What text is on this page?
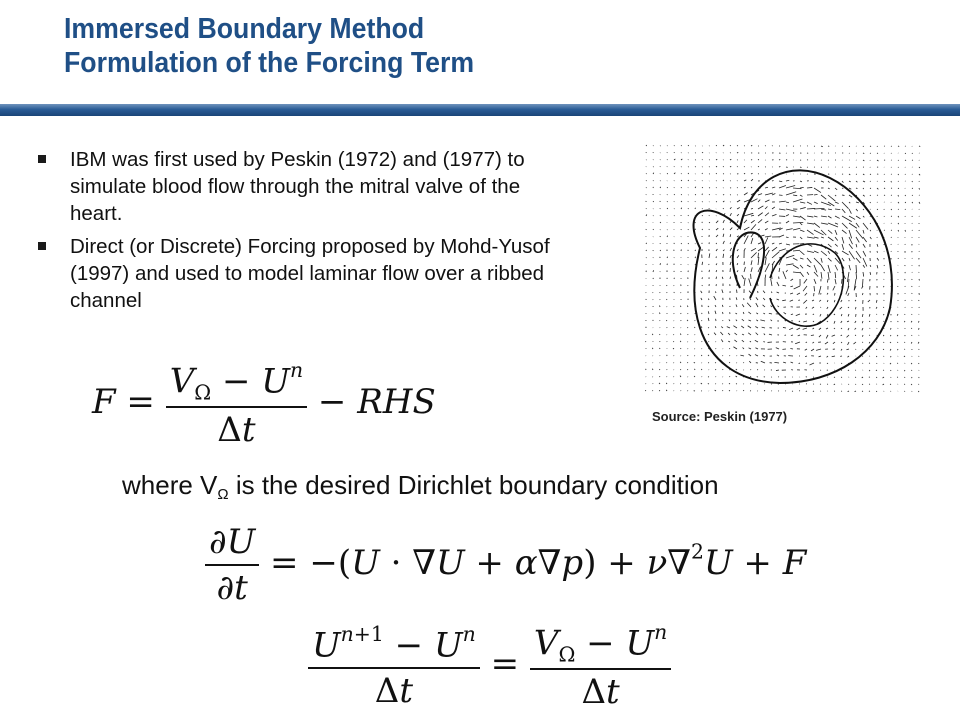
Immersed Boundary Method
Formulation of the Forcing Term
IBM was first used by Peskin (1972) and (1977) to simulate blood flow through the mitral valve of the heart.
Direct (or Discrete) Forcing proposed by Mohd-Yusof (1997) and used to model laminar flow over a ribbed channel
$F = \frac{V_\Omega - U^n}{\Delta t}$ − RHS
where VΩ is the desired Dirichlet boundary condition
$\frac{\partial U}{\partial t} = -(U \cdot \nabla U + \alpha\nabla p) + \nu\nabla^2U + F$
$\frac{U^{n+1} - U^n}{\Delta t} = \frac{V_\Omega - U^n}{\Delta t}$
Source: Peskin (1977)
